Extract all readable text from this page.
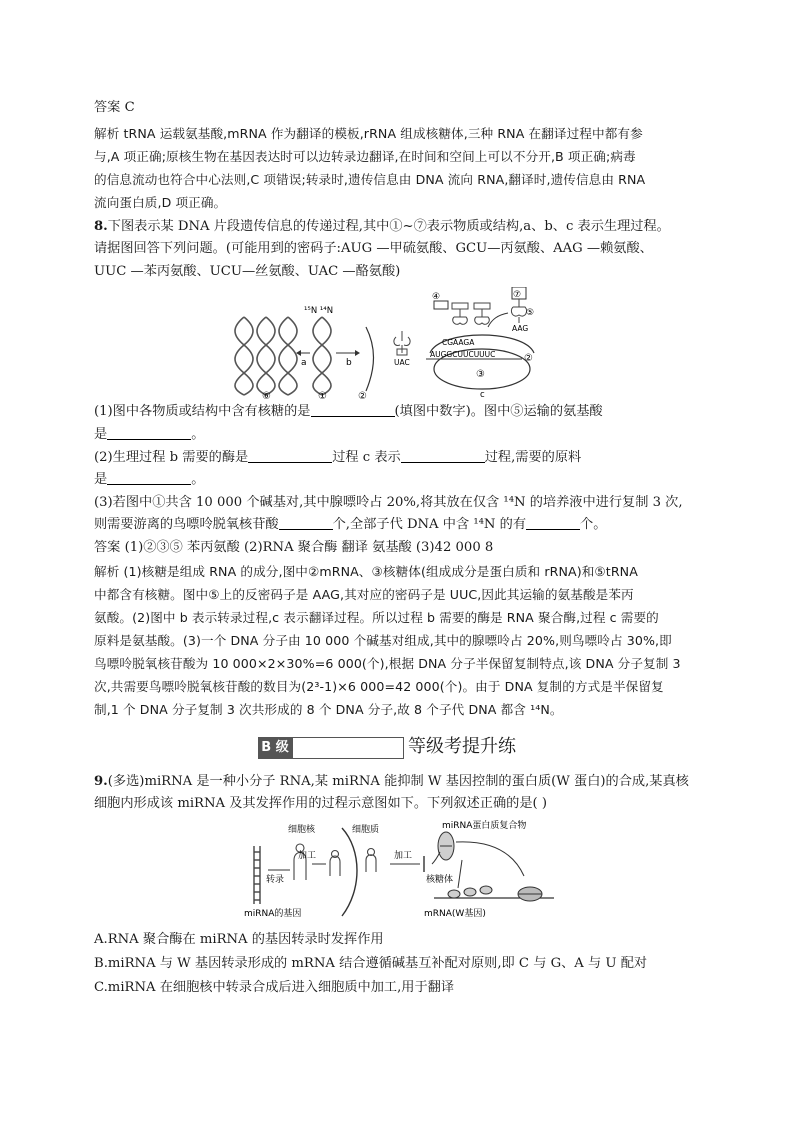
答案 C
解析 tRNA 运载氨基酸,mRNA 作为翻译的模板,rRNA 组成核糖体,三种 RNA 在翻译过程中都有参
与,A 项正确;原核生物在基因表达时可以边转录边翻译,在时间和空间上可以不分开,B 项正确;病毒
的信息流动也符合中心法则,C 项错误;转录时,遗传信息由 DNA 流向 RNA,翻译时,遗传信息由 RNA
流向蛋白质,D 项正确。
8.下图表示某 DNA 片段遗传信息的传递过程,其中①~⑦表示物质或结构,a、b、c 表示生理过程。
请据图回答下列问题。(可能用到的密码子:AUG —甲硫氨酸、GCU—丙氨酸、AAG —赖氨酸、
UUC —苯丙氨酸、UCU—丝氨酸、UAC —酪氨酸)
¹⁵N ¹⁴N
a	b
⑥	①	②
UAC
③
CGAAGA
AUGGCUUCUUUC	②
c
④	⑦
⑤
AAG
(1)图中各物质或结构中含有核糖的是	(填图中数字)。图中⑤运输的氨基酸
是	。
(2)生理过程 b 需要的酶是	过程 c 表示	过程,需要的原料
是	。
(3)若图中①共含 10 000 个碱基对,其中腺嘌呤占 20%,将其放在仅含 ¹⁴N 的培养液中进行复制 3 次,
则需要游离的鸟嘌呤脱氧核苷酸	个,全部子代 DNA 中含 ¹⁴N 的有	个。
答案 (1)②③⑤ 苯丙氨酸 (2)RNA 聚合酶 翻译 氨基酸 (3)42 000 8
解析 (1)核糖是组成 RNA 的成分,图中②mRNA、③核糖体(组成成分是蛋白质和 rRNA)和⑤tRNA
中都含有核糖。图中⑤上的反密码子是 AAG,其对应的密码子是 UUC,因此其运输的氨基酸是苯丙
氨酸。(2)图中 b 表示转录过程,c 表示翻译过程。所以过程 b 需要的酶是 RNA 聚合酶,过程 c 需要的
原料是氨基酸。(3)一个 DNA 分子由 10 000 个碱基对组成,其中的腺嘌呤占 20%,则鸟嘌呤占 30%,即
鸟嘌呤脱氧核苷酸为 10 000×2×30%=6 000(个),根据 DNA 分子半保留复制特点,该 DNA 分子复制 3
次,共需要鸟嘌呤脱氧核苷酸的数目为(2³-1)×6 000=42 000(个)。由于 DNA 复制的方式是半保留复
制,1 个 DNA 分子复制 3 次共形成的 8 个 DNA 分子,故 8 个子代 DNA 都含 ¹⁴N。
B 级	等级考提升练
9.(多选)miRNA 是一种小分子 RNA,某 miRNA 能抑制 W 基因控制的蛋白质(W 蛋白)的合成,某真核
细胞内形成该 miRNA 及其发挥作用的过程示意图如下。下列叙述正确的是( )
miRNA的基因
转录
细胞核
加工
细胞质
加工
miRNA蛋白质复合物
核糖体
mRNA(W基因)
A.RNA 聚合酶在 miRNA 的基因转录时发挥作用
B.miRNA 与 W 基因转录形成的 mRNA 结合遵循碱基互补配对原则,即 C 与 G、A 与 U 配对
C.miRNA 在细胞核中转录合成后进入细胞质中加工,用于翻译
